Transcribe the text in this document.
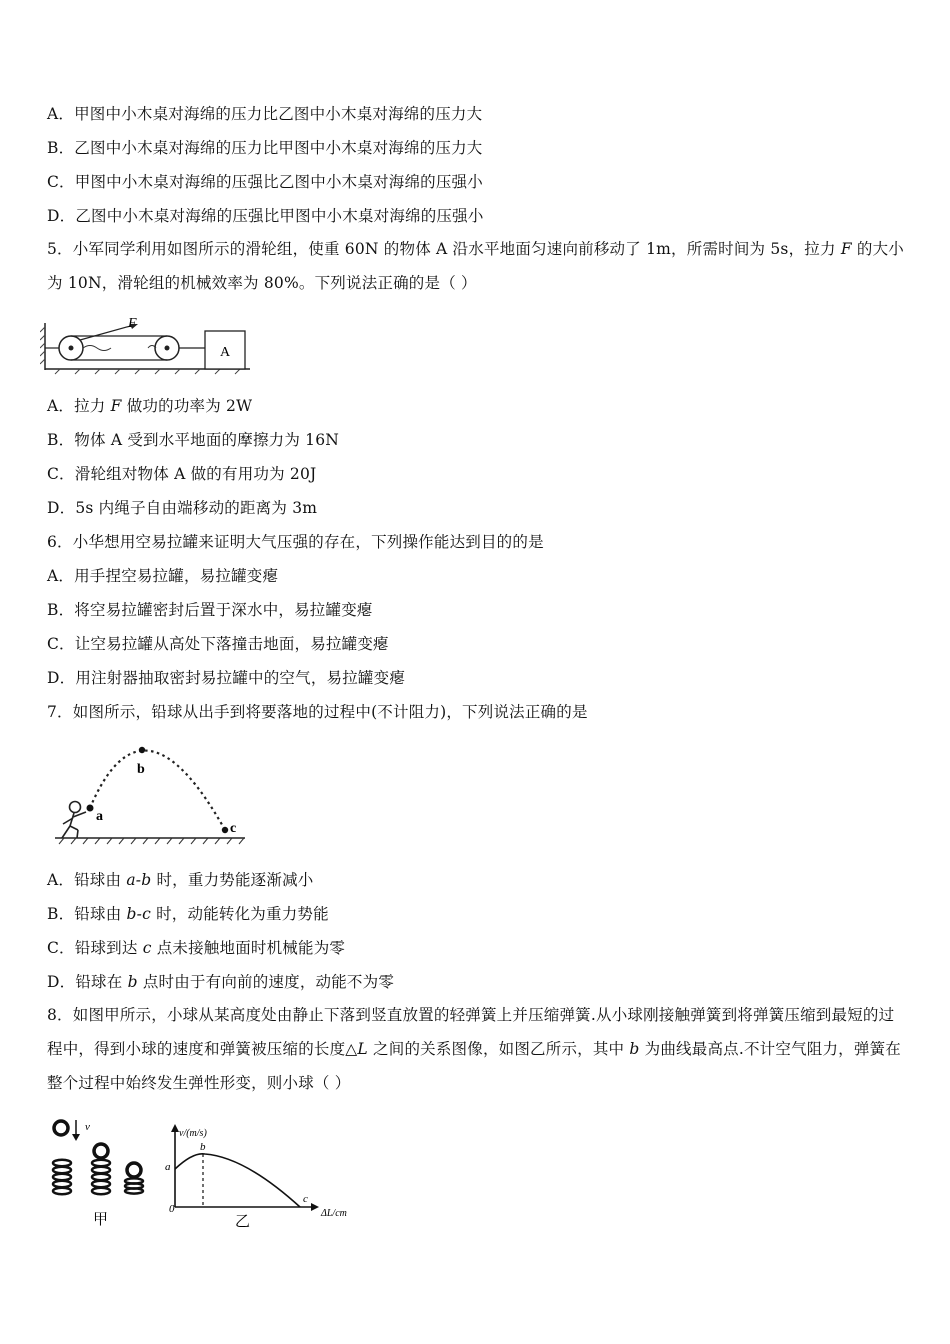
A．甲图中小木桌对海绵的压力比乙图中小木桌对海绵的压力大
B．乙图中小木桌对海绵的压力比甲图中小木桌对海绵的压力大
C．甲图中小木桌对海绵的压强比乙图中小木桌对海绵的压强小
D．乙图中小木桌对海绵的压强比甲图中小木桌对海绵的压强小
5．小军同学利用如图所示的滑轮组，使重 60N 的物体 A 沿水平地面匀速向前移动了 1m，所需时间为 5s，拉力 F 的大小为 10N，滑轮组的机械效率为 80%。下列说法正确的是（ ）
F
A
A．拉力 F 做功的功率为 2W
B．物体 A 受到水平地面的摩擦力为 16N
C．滑轮组对物体 A 做的有用功为 20J
D．5s 内绳子自由端移动的距离为 3m
6．小华想用空易拉罐来证明大气压强的存在，下列操作能达到目的的是
A．用手捏空易拉罐，易拉罐变瘪
B．将空易拉罐密封后置于深水中，易拉罐变瘪
C．让空易拉罐从高处下落撞击地面，易拉罐变瘪
D．用注射器抽取密封易拉罐中的空气，易拉罐变瘪
7．如图所示，铅球从出手到将要落地的过程中(不计阻力)，下列说法正确的是
a
b
c
A．铅球由 a-b 时，重力势能逐渐减小
B．铅球由 b-c 时，动能转化为重力势能
C．铅球到达 c 点未接触地面时机械能为零
D．铅球在 b 点时由于有向前的速度，动能不为零
8．如图甲所示，小球从某高度处由静止下落到竖直放置的轻弹簧上并压缩弹簧.从小球刚接触弹簧到将弹簧压缩到最短的过程中，得到小球的速度和弹簧被压缩的长度△L 之间的关系图像，如图乙所示，其中 b 为曲线最高点.不计空气阻力，弹簧在整个过程中始终发生弹性形变，则小球（ ）
v
甲
v/(m/s)
ΔL/cm
0
a
b
c
乙
